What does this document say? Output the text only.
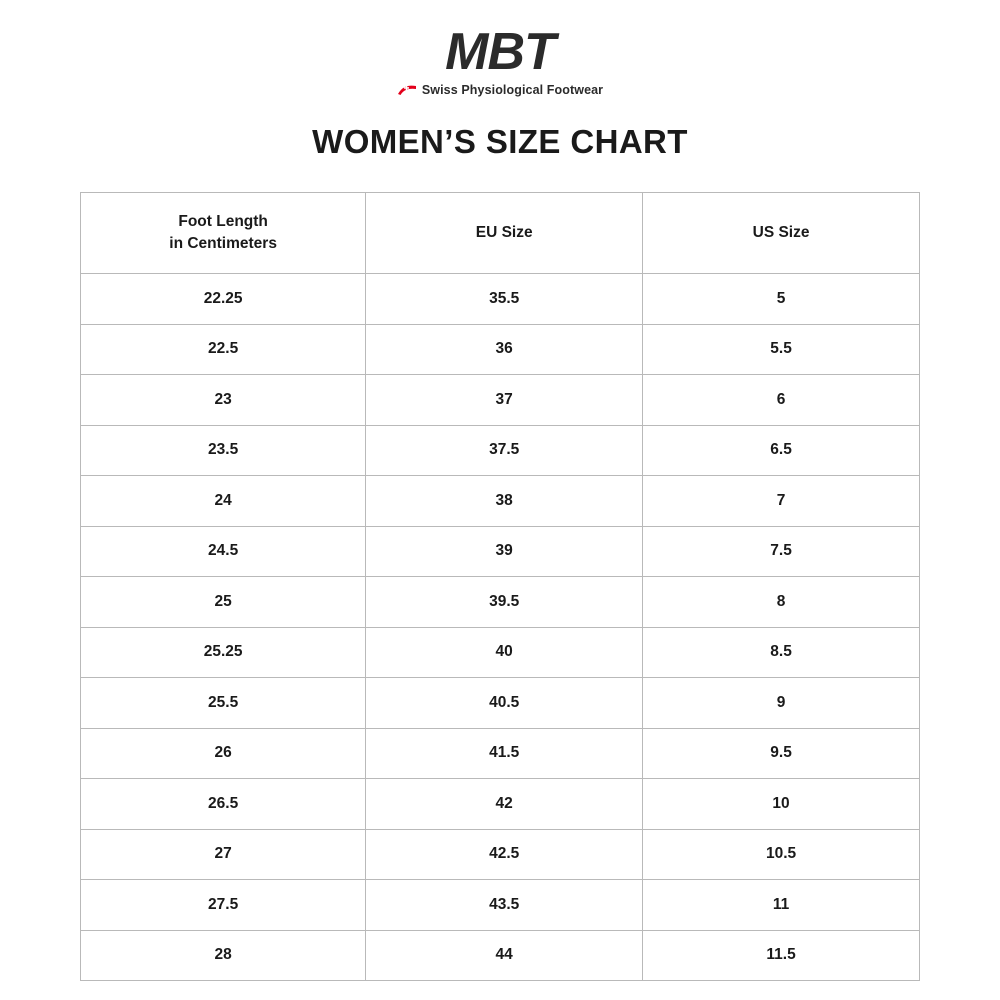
MBT
Swiss Physiological Footwear
WOMEN’S SIZE CHART
Foot Length
in Centimeters	EU Size	US Size

22.25	35.5	5
22.5	36	5.5
23	37	6
23.5	37.5	6.5
24	38	7
24.5	39	7.5
25	39.5	8
25.25	40	8.5
25.5	40.5	9
26	41.5	9.5
26.5	42	10
27	42.5	10.5
27.5	43.5	11
28	44	11.5
